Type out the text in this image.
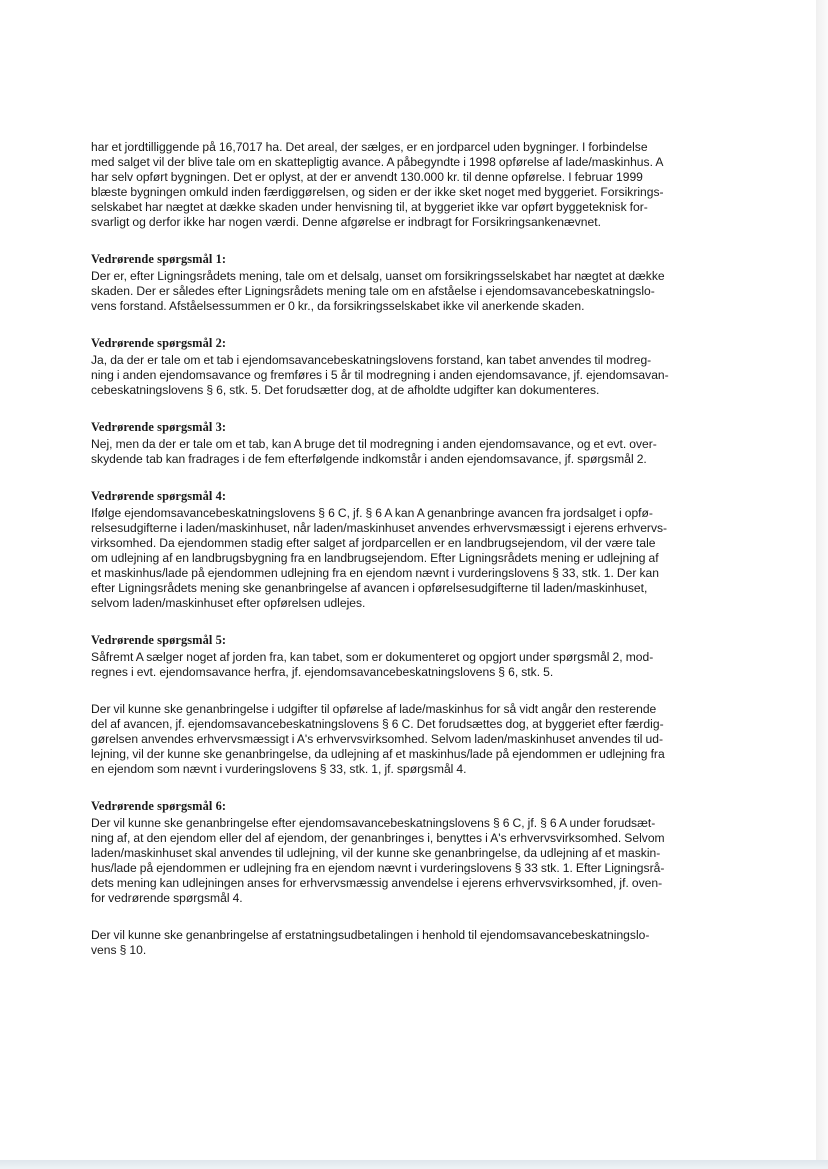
har et jordtilliggende på 16,7017 ha. Det areal, der sælges, er en jordparcel uden bygninger. I forbindelse
med salget vil der blive tale om en skattepligtig avance. A påbegyndte i 1998 opførelse af lade/maskinhus. A
har selv opført bygningen. Det er oplyst, at der er anvendt 130.000 kr. til denne opførelse. I februar 1999
blæste bygningen omkuld inden færdiggørelsen, og siden er der ikke sket noget med byggeriet. Forsikrings-
selskabet har nægtet at dække skaden under henvisning til, at byggeriet ikke var opført byggeteknisk for-
svarligt og derfor ikke har nogen værdi. Denne afgørelse er indbragt for Forsikringsankenævnet.

Vedrørende spørgsmål 1:
Der er, efter Ligningsrådets mening, tale om et delsalg, uanset om forsikringsselskabet har nægtet at dække
skaden. Der er således efter Ligningsrådets mening tale om en afståelse i ejendomsavancebeskatningslo-
vens forstand. Afståelsessummen er 0 kr., da forsikringsselskabet ikke vil anerkende skaden.
Vedrørende spørgsmål 2:
Ja, da der er tale om et tab i ejendomsavancebeskatningslovens forstand, kan tabet anvendes til modreg-
ning i anden ejendomsavance og fremføres i 5 år til modregning i anden ejendomsavance, jf. ejendomsavan-
cebeskatningslovens § 6, stk. 5. Det forudsætter dog, at de afholdte udgifter kan dokumenteres.
Vedrørende spørgsmål 3:
Nej, men da der er tale om et tab, kan A bruge det til modregning i anden ejendomsavance, og et evt. over-
skydende tab kan fradrages i de fem efterfølgende indkomstår i anden ejendomsavance, jf. spørgsmål 2.
Vedrørende spørgsmål 4:
Ifølge ejendomsavancebeskatningslovens § 6 C, jf. § 6 A kan A genanbringe avancen fra jordsalget i opfø-
relsesudgifterne i laden/maskinhuset, når laden/maskinhuset anvendes erhvervsmæssigt i ejerens erhvervs-
virksomhed. Da ejendommen stadig efter salget af jordparcellen er en landbrugsejendom, vil der være tale
om udlejning af en landbrugsbygning fra en landbrugsejendom. Efter Ligningsrådets mening er udlejning af
et maskinhus/lade på ejendommen udlejning fra en ejendom nævnt i vurderingslovens § 33, stk. 1. Der kan
efter Ligningsrådets mening ske genanbringelse af avancen i opførelsesudgifterne til laden/maskinhuset,
selvom laden/maskinhuset efter opførelsen udlejes.
Vedrørende spørgsmål 5:
Såfremt A sælger noget af jorden fra, kan tabet, som er dokumenteret og opgjort under spørgsmål 2, mod-
regnes i evt. ejendomsavance herfra, jf. ejendomsavancebeskatningslovens § 6, stk. 5.

Der vil kunne ske genanbringelse i udgifter til opførelse af lade/maskinhus for så vidt angår den resterende
del af avancen, jf. ejendomsavancebeskatningslovens § 6 C. Det forudsættes dog, at byggeriet efter færdig-
gørelsen anvendes erhvervsmæssigt i A's erhvervsvirksomhed. Selvom laden/maskinhuset anvendes til ud-
lejning, vil der kunne ske genanbringelse, da udlejning af et maskinhus/lade på ejendommen er udlejning fra
en ejendom som nævnt i vurderingslovens § 33, stk. 1, jf. spørgsmål 4.

Vedrørende spørgsmål 6:
Der vil kunne ske genanbringelse efter ejendomsavancebeskatningslovens § 6 C, jf. § 6 A under forudsæt-
ning af, at den ejendom eller del af ejendom, der genanbringes i, benyttes i A's erhvervsvirksomhed. Selvom
laden/maskinhuset skal anvendes til udlejning, vil der kunne ske genanbringelse, da udlejning af et maskin-
hus/lade på ejendommen er udlejning fra en ejendom nævnt i vurderingslovens § 33 stk. 1. Efter Ligningsrå-
dets mening kan udlejningen anses for erhvervsmæssig anvendelse i ejerens erhvervsvirksomhed, jf. oven-
for vedrørende spørgsmål 4.

Der vil kunne ske genanbringelse af erstatningsudbetalingen i henhold til ejendomsavancebeskatningslo-
vens § 10.
